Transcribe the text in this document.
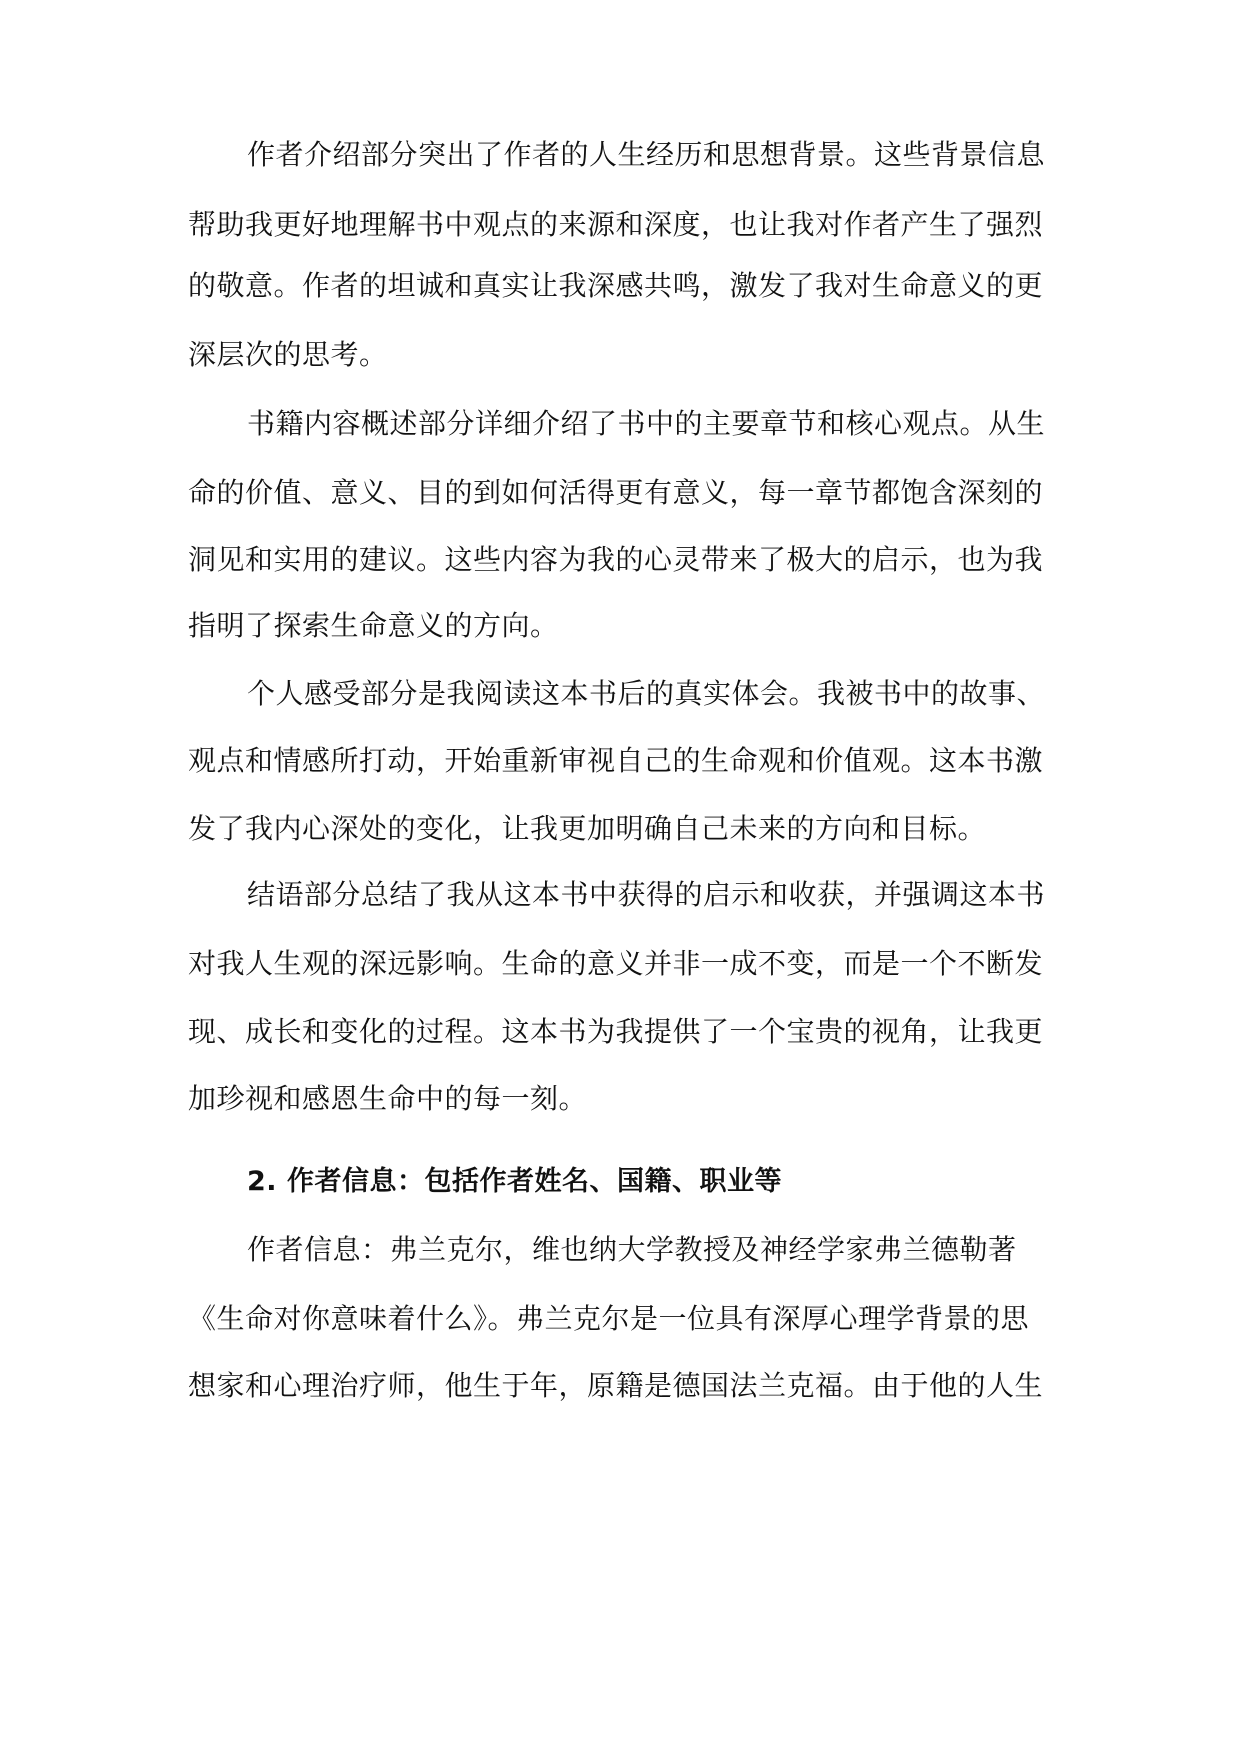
作者介绍部分突出了作者的人生经历和思想背景。这些背景信息
帮助我更好地理解书中观点的来源和深度，也让我对作者产生了强烈
的敬意。作者的坦诚和真实让我深感共鸣，激发了我对生命意义的更
深层次的思考。
书籍内容概述部分详细介绍了书中的主要章节和核心观点。从生
命的价值、意义、目的到如何活得更有意义，每一章节都饱含深刻的
洞见和实用的建议。这些内容为我的心灵带来了极大的启示，也为我
指明了探索生命意义的方向。
个人感受部分是我阅读这本书后的真实体会。我被书中的故事、
观点和情感所打动，开始重新审视自己的生命观和价值观。这本书激
发了我内心深处的变化，让我更加明确自己未来的方向和目标。
结语部分总结了我从这本书中获得的启示和收获，并强调这本书
对我人生观的深远影响。生命的意义并非一成不变，而是一个不断发
现、成长和变化的过程。这本书为我提供了一个宝贵的视角，让我更
加珍视和感恩生命中的每一刻。
2. 作者信息：包括作者姓名、国籍、职业等
作者信息：弗兰克尔，维也纳大学教授及神经学家弗兰德勒著
《生命对你意味着什么》。弗兰克尔是一位具有深厚心理学背景的思
想家和心理治疗师，他生于年，原籍是德国法兰克福。由于他的人生
